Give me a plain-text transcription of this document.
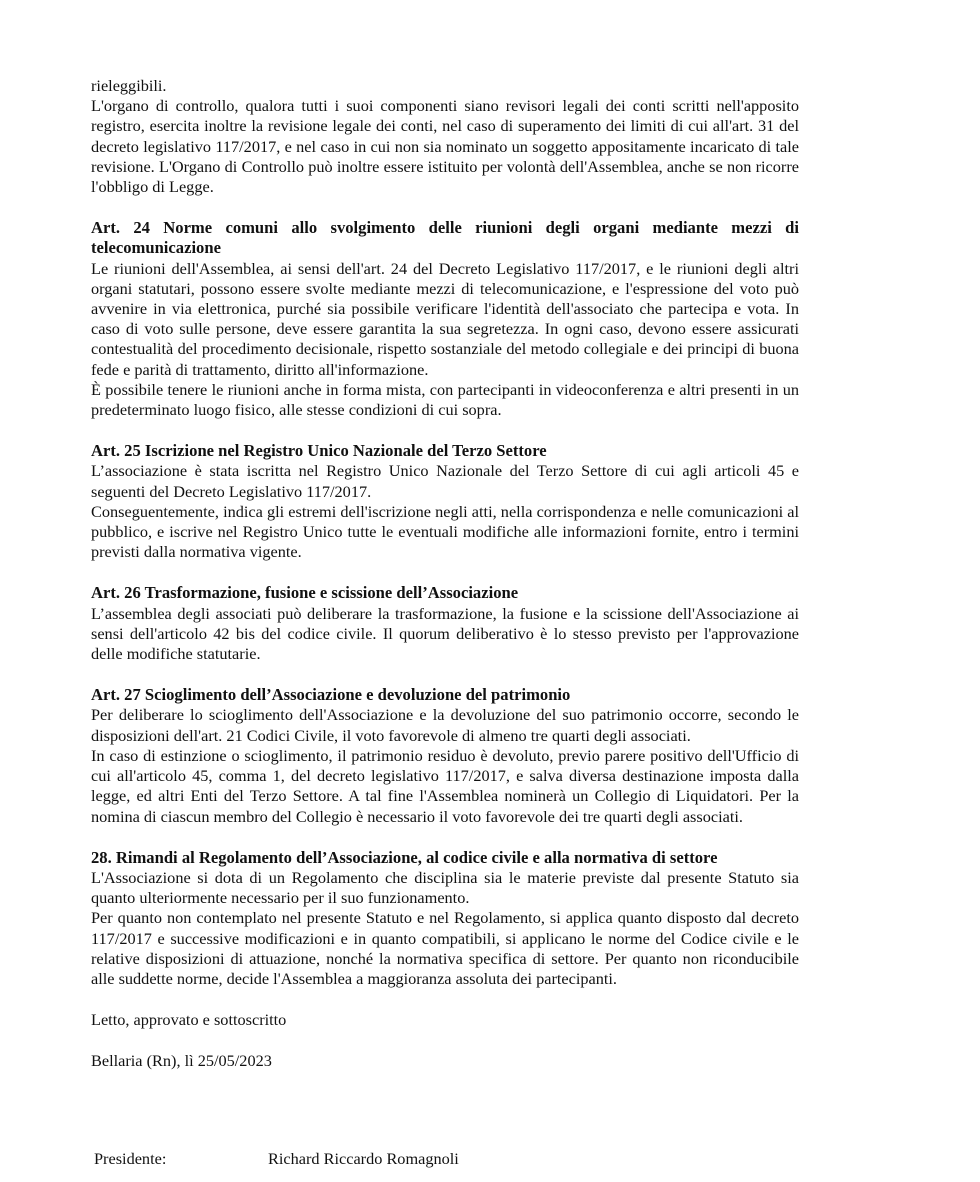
rieleggibili.

L'organo di controllo, qualora tutti i suoi componenti siano revisori legali dei conti scritti nell'apposito registro, esercita inoltre la revisione legale dei conti, nel caso di superamento dei limiti di cui all'art. 31 del decreto legislativo 117/2017, e nel caso in cui non sia nominato un soggetto appositamente incaricato di tale revisione. L'Organo di Controllo può inoltre essere istituito per volontà dell'Assemblea, anche se non ricorre l'obbligo di Legge.

Art. 24 Norme comuni allo svolgimento delle riunioni degli organi mediante mezzi di telecomunicazione

Le riunioni dell'Assemblea, ai sensi dell'art. 24 del Decreto Legislativo 117/2017, e le riunioni degli altri organi statutari, possono essere svolte mediante mezzi di telecomunicazione, e l'espressione del voto può avvenire in via elettronica, purché sia possibile verificare l'identità dell'associato che partecipa e vota. In caso di voto sulle persone, deve essere garantita la sua segretezza. In ogni caso, devono essere assicurati contestualità del procedimento decisionale, rispetto sostanziale del metodo collegiale e dei principi di buona fede e parità di trattamento, diritto all'informazione.

È possibile tenere le riunioni anche in forma mista, con partecipanti in videoconferenza e altri presenti in un predeterminato luogo fisico, alle stesse condizioni di cui sopra.

Art. 25 Iscrizione nel Registro Unico Nazionale del Terzo Settore

L’associazione è stata iscritta nel Registro Unico Nazionale del Terzo Settore di cui agli articoli 45 e seguenti del Decreto Legislativo 117/2017.

Conseguentemente, indica gli estremi dell'iscrizione negli atti, nella corrispondenza e nelle comunicazioni al pubblico, e iscrive nel Registro Unico tutte le eventuali modifiche alle informazioni fornite, entro i termini previsti dalla normativa vigente.

Art. 26 Trasformazione, fusione e scissione dell’Associazione

L’assemblea degli associati può deliberare la trasformazione, la fusione e la scissione dell'Associazione ai sensi dell'articolo 42 bis del codice civile. Il quorum deliberativo è lo stesso previsto per l'approvazione delle modifiche statutarie.

Art. 27 Scioglimento dell’Associazione e devoluzione del patrimonio

Per deliberare lo scioglimento dell'Associazione e la devoluzione del suo patrimonio occorre, secondo le disposizioni dell'art. 21 Codici Civile, il voto favorevole di almeno tre quarti degli associati.

In caso di estinzione o scioglimento, il patrimonio residuo è devoluto, previo parere positivo dell'Ufficio di cui all'articolo 45, comma 1, del decreto legislativo 117/2017, e salva diversa destinazione imposta dalla legge, ed altri Enti del Terzo Settore. A tal fine l'Assemblea nominerà un Collegio di Liquidatori. Per la nomina di ciascun membro del Collegio è necessario il voto favorevole dei tre quarti degli associati.

28. Rimandi al Regolamento dell’Associazione, al codice civile e alla normativa di settore

L'Associazione si dota di un Regolamento che disciplina sia le materie previste dal presente Statuto sia quanto ulteriormente necessario per il suo funzionamento.

Per quanto non contemplato nel presente Statuto e nel Regolamento, si applica quanto disposto dal decreto 117/2017 e successive modificazioni e in quanto compatibili, si applicano le norme del Codice civile e le relative disposizioni di attuazione, nonché la normativa specifica di settore. Per quanto non riconducibile alle suddette norme, decide l'Assemblea a maggioranza assoluta dei partecipanti.

Letto, approvato e sottoscritto

Bellaria (Rn), lì 25/05/2023

Presidente:	Richard Riccardo Romagnoli
